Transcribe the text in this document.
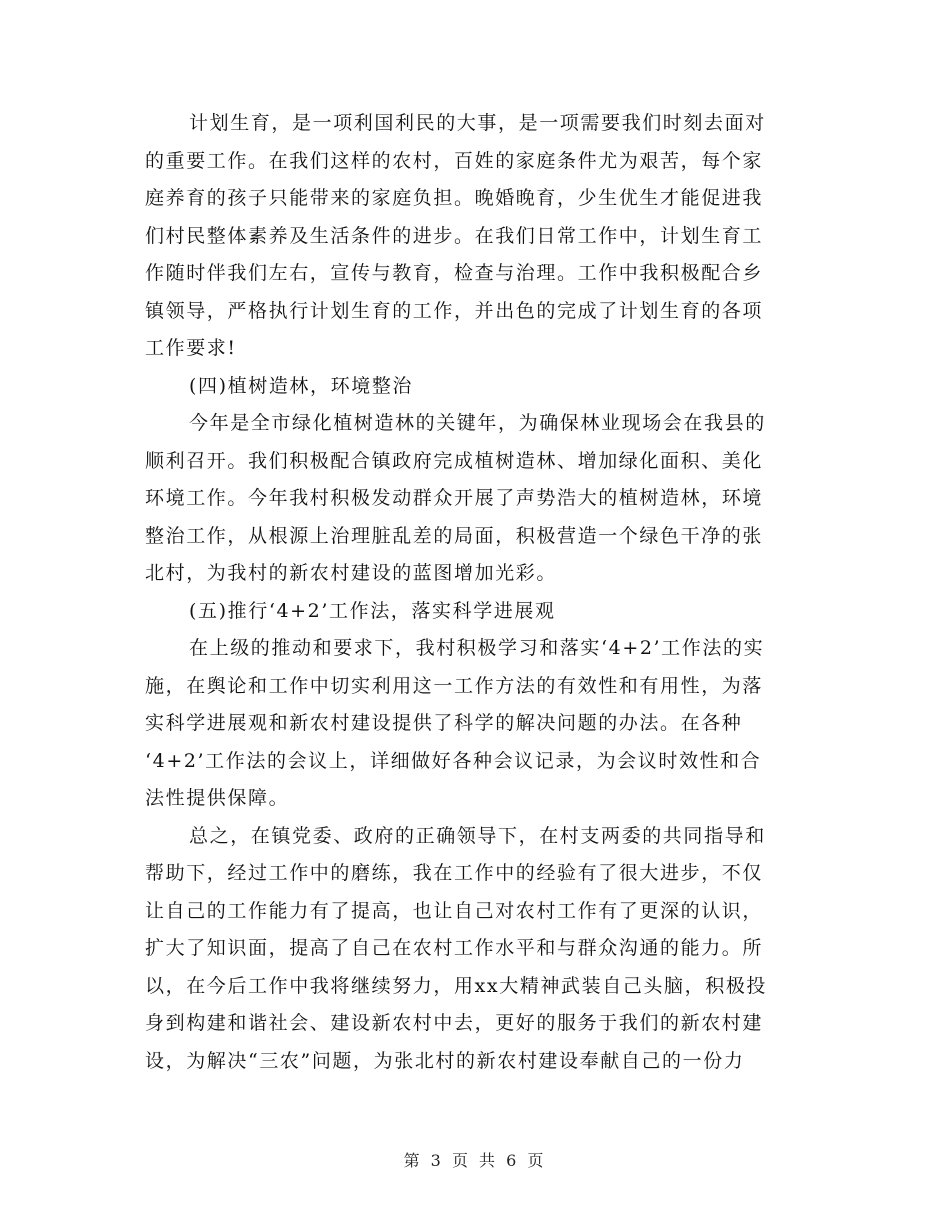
计划生育，是一项利国利民的大事，是一项需要我们时刻去面对
的重要工作。在我们这样的农村，百姓的家庭条件尤为艰苦，每个家
庭养育的孩子只能带来的家庭负担。晚婚晚育，少生优生才能促进我
们村民整体素养及生活条件的进步。在我们日常工作中，计划生育工
作随时伴我们左右，宣传与教育，检查与治理。工作中我积极配合乡
镇领导，严格执行计划生育的工作，并出色的完成了计划生育的各项
工作要求!
(四)植树造林，环境整治
今年是全市绿化植树造林的关键年，为确保林业现场会在我县的
顺利召开。我们积极配合镇政府完成植树造林、增加绿化面积、美化
环境工作。今年我村积极发动群众开展了声势浩大的植树造林，环境
整治工作，从根源上治理脏乱差的局面，积极营造一个绿色干净的张
北村，为我村的新农村建设的蓝图增加光彩。
(五)推行‘4+2’工作法，落实科学进展观
在上级的推动和要求下，我村积极学习和落实‘4+2’工作法的实
施，在舆论和工作中切实利用这一工作方法的有效性和有用性，为落
实科学进展观和新农村建设提供了科学的解决问题的办法。在各种
‘4+2’工作法的会议上，详细做好各种会议记录，为会议时效性和合
法性提供保障。
总之，在镇党委、政府的正确领导下，在村支两委的共同指导和
帮助下，经过工作中的磨练，我在工作中的经验有了很大进步，不仅
让自己的工作能力有了提高，也让自己对农村工作有了更深的认识，
扩大了知识面，提高了自己在农村工作水平和与群众沟通的能力。所
以，在今后工作中我将继续努力，用xx大精神武装自己头脑，积极投
身到构建和谐社会、建设新农村中去，更好的服务于我们的新农村建
设，为解决“三农”问题，为张北村的新农村建设奉献自己的一份力
第 3 页 共 6 页
